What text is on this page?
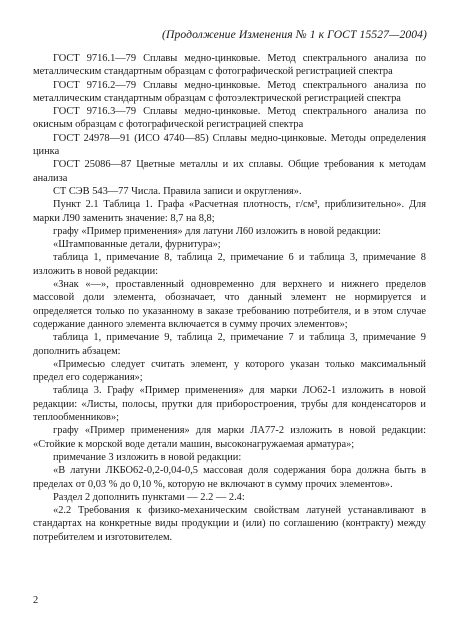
(Продолжение Изменения № 1 к ГОСТ 15527—2004)

ГОСТ 9716.1—79 Сплавы медно-цинковые. Метод спектрального анализа по металлическим стандартным образцам с фотографической регистрацией спектра

ГОСТ 9716.2—79 Сплавы медно-цинковые. Метод спектрального анализа по металлическим стандартным образцам с фотоэлектрической регистрацией спектра

ГОСТ 9716.3—79 Сплавы медно-цинковые. Метод спектрального анализа по окисным образцам с фотографической регистрацией спектра

ГОСТ 24978—91 (ИСО 4740—85) Сплавы медно-цинковые. Методы определения цинка

ГОСТ 25086—87 Цветные металлы и их сплавы. Общие требования к методам анализа

СТ СЭВ 543—77 Числа. Правила записи и округления».

Пункт 2.1 Таблица 1. Графа «Расчетная плотность, г/см³, приблизительно». Для марки Л90 заменить значение: 8,7 на 8,8;

графу «Пример применения» для латуни Л60 изложить в новой редакции:

«Штампованные детали, фурнитура»;

таблица 1, примечание 8, таблица 2, примечание 6 и таблица 3, примечание 8 изложить в новой редакции:

«Знак «—», проставленный одновременно для верхнего и нижнего пределов массовой доли элемента, обозначает, что данный элемент не нормируется и определяется только по указанному в заказе требованию потребителя, и в этом случае содержание данного элемента включается в сумму прочих элементов»;

таблица 1, примечание 9, таблица 2, примечание 7 и таблица 3, примечание 9 дополнить абзацем:

«Примесью следует считать элемент, у которого указан только максимальный предел его содержания»;

таблица 3. Графу «Пример применения» для марки ЛО62-1 изложить в новой редакции: «Листы, полосы, прутки для приборостроения, трубы для конденсаторов и теплообменников»;

графу «Пример применения» для марки ЛА77-2 изложить в новой редакции: «Стойкие к морской воде детали машин, высоконагружаемая арматура»;

примечание 3 изложить в новой редакции:

«В латуни ЛКБО62-0,2-0,04-0,5 массовая доля содержания бора должна быть в пределах от 0,03 % до 0,10 %, которую не включают в сумму прочих элементов».

Раздел 2 дополнить пунктами — 2.2 — 2.4:

«2.2 Требования к физико-механическим свойствам латуней устанавливают в стандартах на конкретные виды продукции и (или) по соглашению (контракту) между потребителем и изготовителем.

2
